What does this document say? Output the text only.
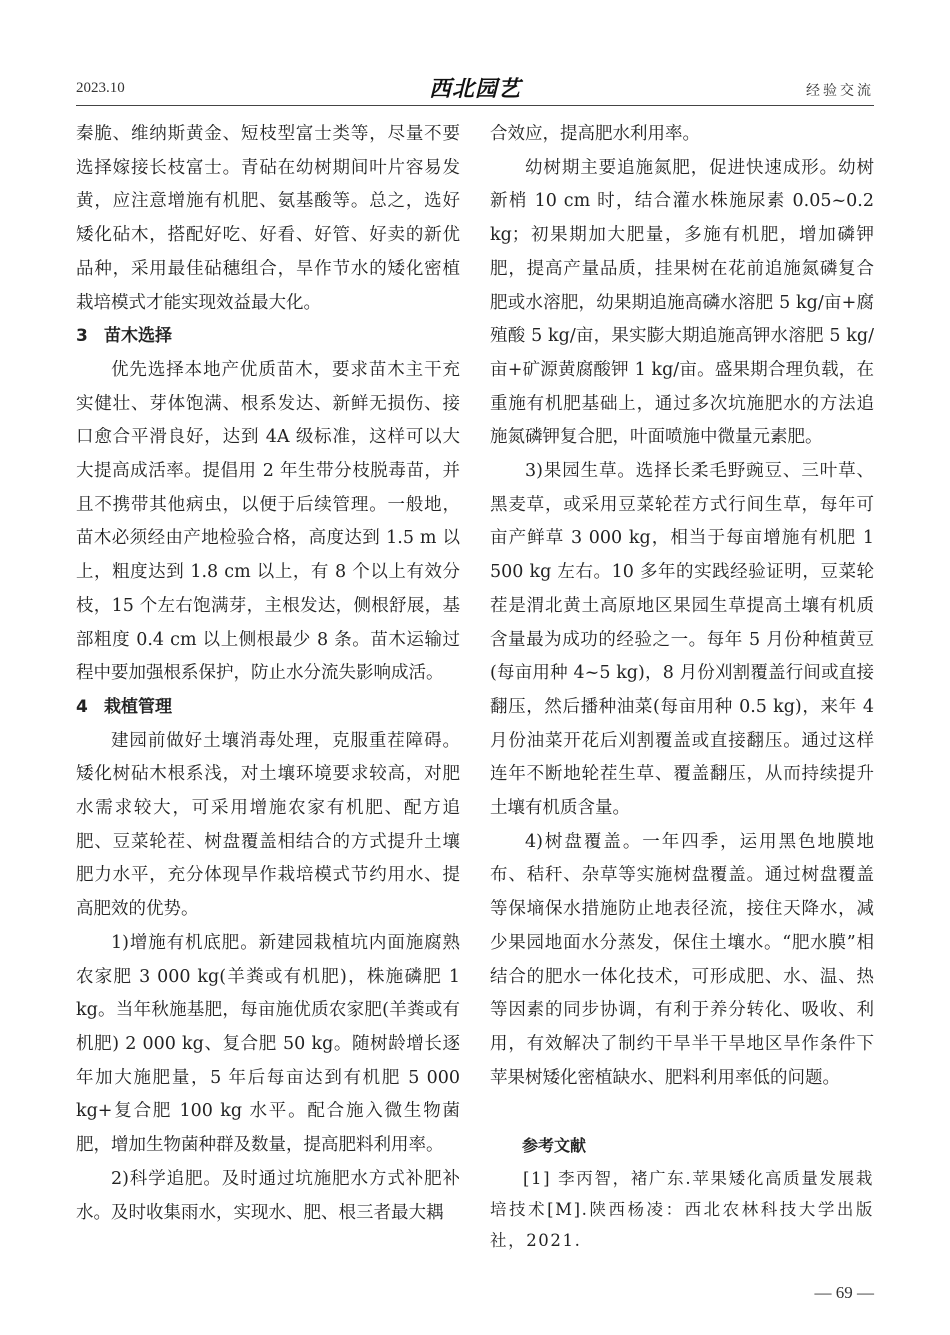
2023.10	西北园艺	经验交流

秦脆、维纳斯黄金、短枝型富士类等，尽量不要选择嫁接长枝富士。青砧在幼树期间叶片容易发黄，应注意增施有机肥、氨基酸等。总之，选好矮化砧木，搭配好吃、好看、好管、好卖的新优品种，采用最佳砧穗组合，旱作节水的矮化密植栽培模式才能实现效益最大化。

3 苗木选择

优先选择本地产优质苗木，要求苗木主干充实健壮、芽体饱满、根系发达、新鲜无损伤、接口愈合平滑良好，达到 4A 级标准，这样可以大大提高成活率。提倡用 2 年生带分枝脱毒苗，并且不携带其他病虫，以便于后续管理。一般地，苗木必须经由产地检验合格，高度达到 1.5 m 以上，粗度达到 1.8 cm 以上，有 8 个以上有效分枝，15 个左右饱满芽，主根发达，侧根舒展，基部粗度 0.4 cm 以上侧根最少 8 条。苗木运输过程中要加强根系保护，防止水分流失影响成活。

4 栽植管理

建园前做好土壤消毒处理，克服重茬障碍。矮化树砧木根系浅，对土壤环境要求较高，对肥水需求较大，可采用增施农家有机肥、配方追肥、豆菜轮茬、树盘覆盖相结合的方式提升土壤肥力水平，充分体现旱作栽培模式节约用水、提高肥效的优势。

1)增施有机底肥。新建园栽植坑内面施腐熟农家肥 3 000 kg(羊粪或有机肥)，株施磷肥 1 kg。当年秋施基肥，每亩施优质农家肥(羊粪或有机肥) 2 000 kg、复合肥 50 kg。随树龄增长逐年加大施肥量，5 年后每亩达到有机肥 5 000 kg+复合肥 100 kg 水平。配合施入微生物菌肥，增加生物菌种群及数量，提高肥料利用率。

2)科学追肥。及时通过坑施肥水方式补肥补水。及时收集雨水，实现水、肥、根三者最大耦

合效应，提高肥水利用率。

幼树期主要追施氮肥，促进快速成形。幼树新梢 10 cm 时，结合灌水株施尿素 0.05~0.2 kg；初果期加大肥量，多施有机肥，增加磷钾肥，提高产量品质，挂果树在花前追施氮磷复合肥或水溶肥，幼果期追施高磷水溶肥 5 kg/亩+腐殖酸 5 kg/亩，果实膨大期追施高钾水溶肥 5 kg/亩+矿源黄腐酸钾 1 kg/亩。盛果期合理负载，在重施有机肥基础上，通过多次坑施肥水的方法追施氮磷钾复合肥，叶面喷施中微量元素肥。

3)果园生草。选择长柔毛野豌豆、三叶草、黑麦草，或采用豆菜轮茬方式行间生草，每年可亩产鲜草 3 000 kg，相当于每亩增施有机肥 1 500 kg 左右。10 多年的实践经验证明，豆菜轮茬是渭北黄土高原地区果园生草提高土壤有机质含量最为成功的经验之一。每年 5 月份种植黄豆(每亩用种 4~5 kg)，8 月份刈割覆盖行间或直接翻压，然后播种油菜(每亩用种 0.5 kg)，来年 4 月份油菜开花后刈割覆盖或直接翻压。通过这样连年不断地轮茬生草、覆盖翻压，从而持续提升土壤有机质含量。

4)树盘覆盖。一年四季，运用黑色地膜地布、秸秆、杂草等实施树盘覆盖。通过树盘覆盖等保墒保水措施防止地表径流，接住天降水，减少果园地面水分蒸发，保住土壤水。“肥水膜”相结合的肥水一体化技术，可形成肥、水、温、热等因素的同步协调，有利于养分转化、吸收、利用，有效解决了制约干旱半干旱地区旱作条件下苹果树矮化密植缺水、肥料利用率低的问题。

参考文献

[1] 李丙智，褚广东.苹果矮化高质量发展栽培技术[M].陕西杨凌：西北农林科技大学出版社，2021.

— 69 —
